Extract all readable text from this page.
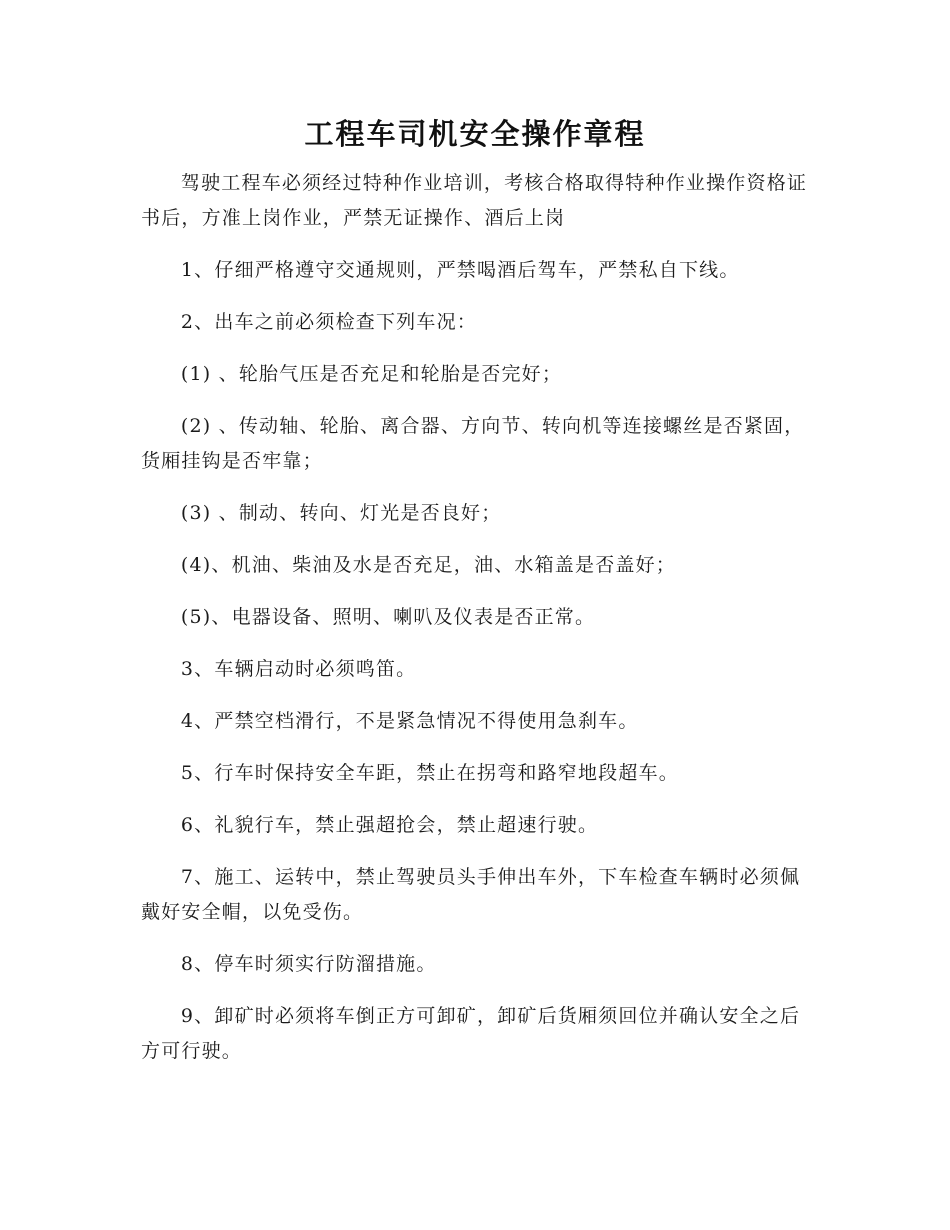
工程车司机安全操作章程

驾驶工程车必须经过特种作业培训，考核合格取得特种作业操作资格证书后，方准上岗作业，严禁无证操作、酒后上岗

1、仔细严格遵守交通规则，严禁喝酒后驾车，严禁私自下线。

2、出车之前必须检查下列车况：

(1) 、轮胎气压是否充足和轮胎是否完好；

(2) 、传动轴、轮胎、离合器、方向节、转向机等连接螺丝是否紧固，货厢挂钩是否牢靠；

(3) 、制动、转向、灯光是否良好；

(4)、机油、柴油及水是否充足，油、水箱盖是否盖好；

(5)、电器设备、照明、喇叭及仪表是否正常。

3、车辆启动时必须鸣笛。

4、严禁空档滑行，不是紧急情况不得使用急刹车。

5、行车时保持安全车距，禁止在拐弯和路窄地段超车。

6、礼貌行车，禁止强超抢会，禁止超速行驶。

7、施工、运转中，禁止驾驶员头手伸出车外，下车检查车辆时必须佩戴好安全帽，以免受伤。

8、停车时须实行防溜措施。

9、卸矿时必须将车倒正方可卸矿，卸矿后货厢须回位并确认安全之后方可行驶。
